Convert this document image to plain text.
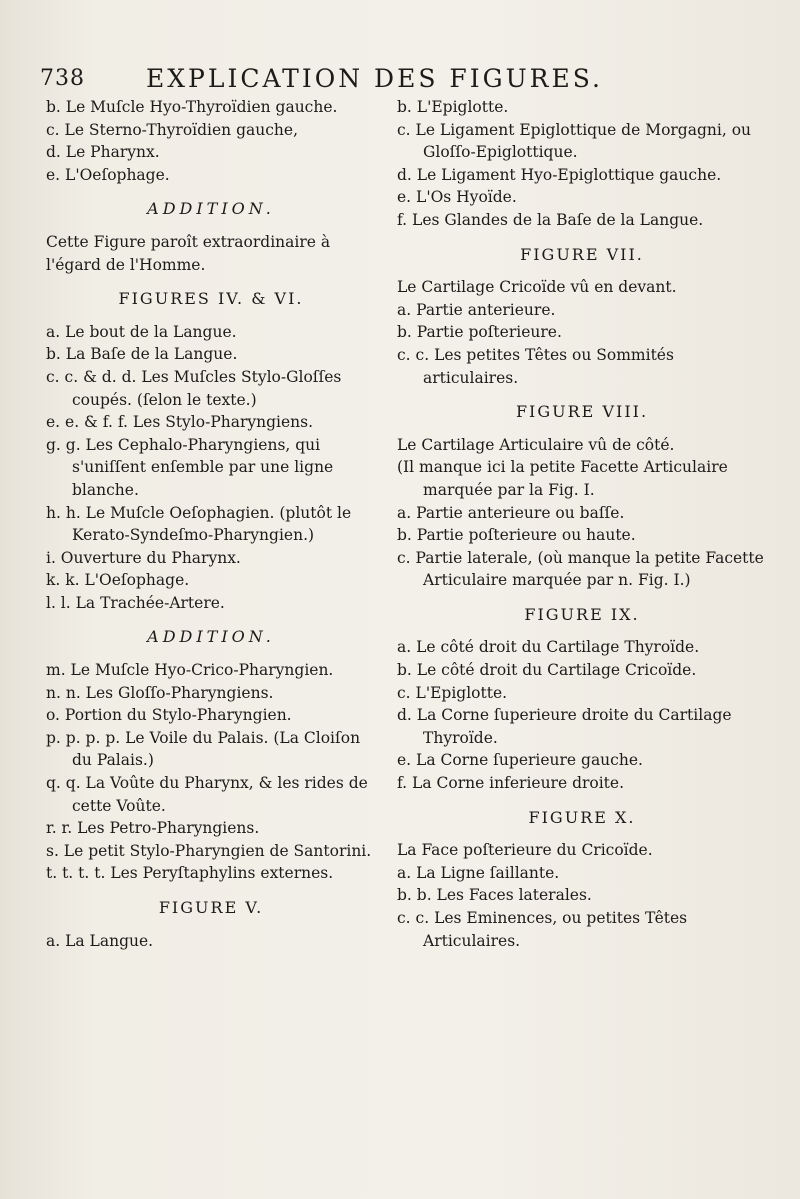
738 EXPLICATION DES FIGURES.

b. Le Muſcle Hyo-Thyroïdien gauche.

c. Le Sterno-Thyroïdien gauche,

d. Le Pharynx.

e. L'Oeſophage.

ADDITION.

Cette Figure paroît extraordinaire à l'égard de l'Homme.

FIGURES IV. & VI.

a. Le bout de la Langue.

b. La Baſe de la Langue.

c. c. & d. d. Les Muſcles Stylo-Gloſſes coupés. (ſelon le texte.)

e. e. & f. f. Les Stylo-Pharyngiens.

g. g. Les Cephalo-Pharyngiens, qui s'uniſſent enſemble par une ligne blanche.

h. h. Le Muſcle Oeſophagien. (plutôt le Kerato-Syndeſmo-Pharyngien.)

i. Ouverture du Pharynx.

k. k. L'Oeſophage.

l. l. La Trachée-Artere.

ADDITION.

m. Le Muſcle Hyo-Crico-Pharyngien.

n. n. Les Gloſſo-Pharyngiens.

o. Portion du Stylo-Pharyngien.

p. p. p. p. Le Voile du Palais. (La Cloiſon du Palais.)

q. q. La Voûte du Pharynx, & les rides de cette Voûte.

r. r. Les Petro-Pharyngiens.

s. Le petit Stylo-Pharyngien de Santorini.

t. t. t. t. Les Peryſtaphylins externes.

FIGURE V.

a. La Langue.

b. L'Epiglotte.

c. Le Ligament Epiglottique de Morgagni, ou Gloſſo-Epiglottique.

d. Le Ligament Hyo-Epiglottique gauche.

e. L'Os Hyoïde.

f. Les Glandes de la Baſe de la Langue.

FIGURE VII.

Le Cartilage Cricoïde vû en devant.

a. Partie anterieure.

b. Partie poſterieure.

c. c. Les petites Têtes ou Sommités articulaires.

FIGURE VIII.

Le Cartilage Articulaire vû de côté.

(Il manque ici la petite Facette Articulaire marquée par la Fig. I.

a. Partie anterieure ou baſſe.

b. Partie poſterieure ou haute.

c. Partie laterale, (où manque la petite Facette Articulaire marquée par n. Fig. I.)

FIGURE IX.

a. Le côté droit du Cartilage Thyroïde.

b. Le côté droit du Cartilage Cricoïde.

c. L'Epiglotte.

d. La Corne ſuperieure droite du Cartilage Thyroïde.

e. La Corne ſuperieure gauche.

f. La Corne inferieure droite.

FIGURE X.

La Face poſterieure du Cricoïde.

a. La Ligne ſaillante.

b. b. Les Faces laterales.

c. c. Les Eminences, ou petites Têtes Articulaires.
